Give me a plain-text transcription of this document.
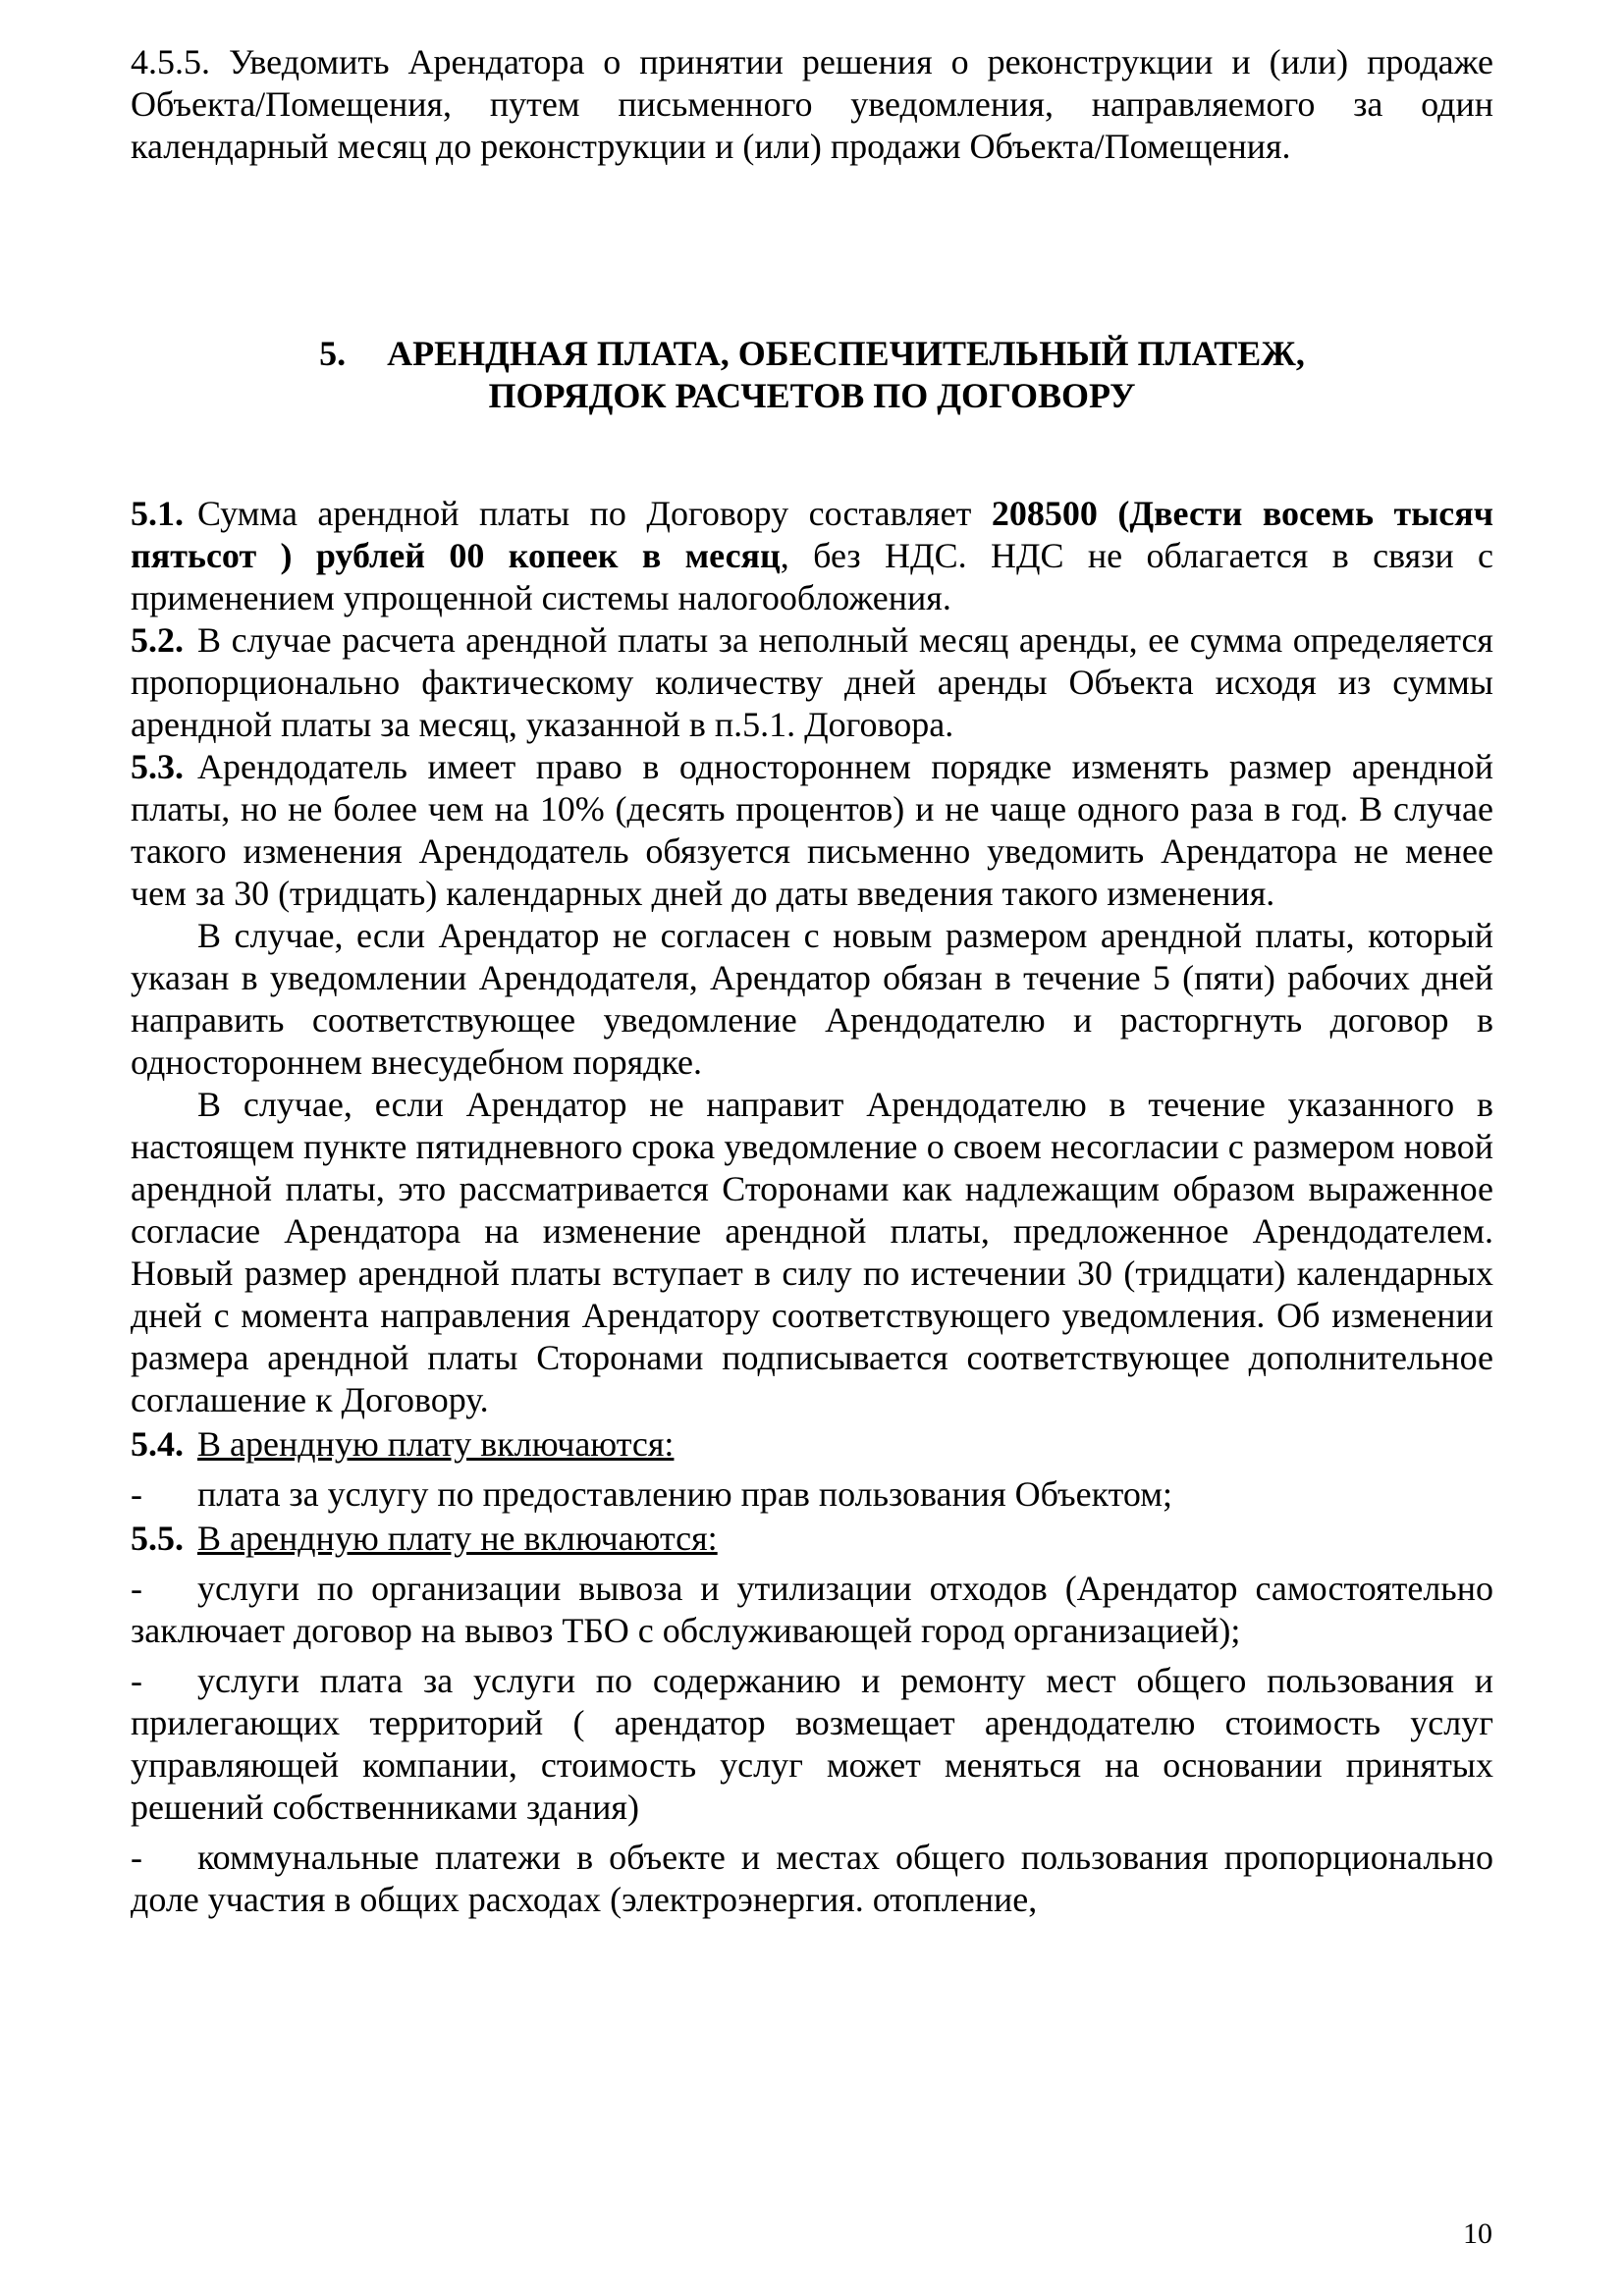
4.5.5. Уведомить Арендатора о принятии решения о реконструкции и (или) продаже Объекта/Помещения, путем письменного уведомления, направляемого за один календарный месяц до реконструкции и (или) продажи Объекта/Помещения.

5. АРЕНДНАЯ ПЛАТА, ОБЕСПЕЧИТЕЛЬНЫЙ ПЛАТЕЖ,

ПОРЯДОК РАСЧЕТОВ ПО ДОГОВОРУ

5.1. Сумма арендной платы по Договору составляет 208500 (Двести восемь тысяч пятьсот ) рублей 00 копеек в месяц, без НДС. НДС не облагается в связи с применением упрощенной системы налогообложения.

5.2. В случае расчета арендной платы за неполный месяц аренды, ее сумма определяется пропорционально фактическому количеству дней аренды Объекта исходя из суммы арендной платы за месяц, указанной в п.5.1. Договора.

5.3. Арендодатель имеет право в одностороннем порядке изменять размер арендной платы, но не более чем на 10% (десять процентов) и не чаще одного раза в год. В случае такого изменения Арендодатель обязуется письменно уведомить Арендатора не менее чем за 30 (тридцать) календарных дней до даты введения такого изменения.

В случае, если Арендатор не согласен с новым размером арендной платы, который указан в уведомлении Арендодателя, Арендатор обязан в течение 5 (пяти) рабочих дней направить соответствующее уведомление Арендодателю и расторгнуть договор в одностороннем внесудебном порядке.

В случае, если Арендатор не направит Арендодателю в течение указанного в настоящем пункте пятидневного срока уведомление о своем несогласии с размером новой арендной платы, это рассматривается Сторонами как надлежащим образом выраженное согласие Арендатора на изменение арендной платы, предложенное Арендодателем. Новый размер арендной платы вступает в силу по истечении 30 (тридцати) календарных дней с момента направления Арендатору соответствующего уведомления. Об изменении размера арендной платы Сторонами подписывается соответствующее дополнительное соглашение к Договору.

5.4. В арендную плату включаются:

- плата за услугу по предоставлению прав пользования Объектом;

5.5. В арендную плату не включаются:

- услуги по организации вывоза и утилизации отходов (Арендатор самостоятельно заключает договор на вывоз ТБО с обслуживающей город организацией);

- услуги плата за услуги по содержанию и ремонту мест общего пользования и прилегающих территорий ( арендатор возмещает арендодателю стоимость услуг управляющей компании, стоимость услуг может меняться на основании принятых решений собственниками здания)

- коммунальные платежи в объекте и местах общего пользования пропорционально доле участия в общих расходах (электроэнергия. отопление,

10
